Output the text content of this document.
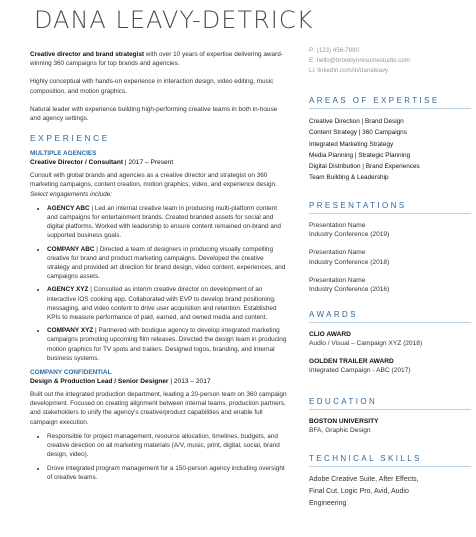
DANA LEAVY-DETRICK

Creative director and brand strategist with over 10 years of expertise delivering award-winning 360 campaigns for top brands and agencies.

Highly conceptual with hands-on experience in interaction design, video editing, music composition, and motion graphics.

Natural leader with experience building high-performing creative teams in both in-house and agency settings.

EXPERIENCE
MULTIPLE AGENCIES
Creative Director / Consultant | 2017 – Present

Consult with global brands and agencies as a creative director and strategist on 360 marketing campaigns, content creation, motion graphics, video, and experience design. Select engagements include:

• AGENCY ABC | Led an internal creative team in producing multi-platform content and campaigns for entertainment brands. Created branded assets for social and digital platforms. Worked with leadership to ensure content remained on-brand and supported business goals.
• COMPANY ABC | Directed a team of designers in producing visually compelling creative for brand and product marketing campaigns. Developed the creative strategy and provided art direction for brand design, video content, experiences, and campaigns assets.
• AGENCY XYZ | Consulted as interim creative director on development of an interactive iOS cooking app. Collaborated with EVP to develop brand positioning, messaging, and video content to drive user acquisition and retention. Established KPIs to measure performance of paid, earned, and owned media and content.
• COMPANY XYZ | Partnered with boutique agency to develop integrated marketing campaigns promoting upcoming film releases. Directed the design team in producing motion graphics for TV spots and trailers. Designed logos, branding, and internal business systems.
COMPANY CONFIDENTIAL
Design & Production Lead / Senior Designer | 2013 – 2017

Built out the integrated production department, leading a 20-person team on 360 campaign development. Focused on creating alignment between internal teams, production partners, and stakeholders to unify the agency's creative/product capabilities and enable full campaign execution.

• Responsible for project management, resource allocation, timelines, budgets, and creative direction on all marketing materials (A/V, music, print, digital, social, brand design, video).
• Drove integrated program management for a 150-person agency including oversight of creative teams.
P: (123) 456-7890
E: hello@brooklynresumestudio.com
Li: linkedin.com/in/danaleavy
AREAS OF EXPERTISE
Creative Direction | Brand Design
Content Strategy | 360 Campaigns
Integrated Marketing Strategy
Media Planning | Strategic Planning
Digital Distribution | Brand Experiences
Team Building & Leadership
PRESENTATIONS
Presentation Name
Industry Conference (2019)
Presentation Name
Industry Conference (2018)
Presentation Name
Industry Conference (2016)
AWARDS
CLIO AWARD
Audio / Visual – Campaign XYZ (2018)
GOLDEN TRAILER AWARD
Integrated Campaign - ABC (2017)
EDUCATION
BOSTON UNIVERSITY
BFA, Graphic Design
TECHNICAL SKILLS
Adobe Creative Suite, After Effects,
Final Cut, Logic Pro, Avid, Audio
Engineering
